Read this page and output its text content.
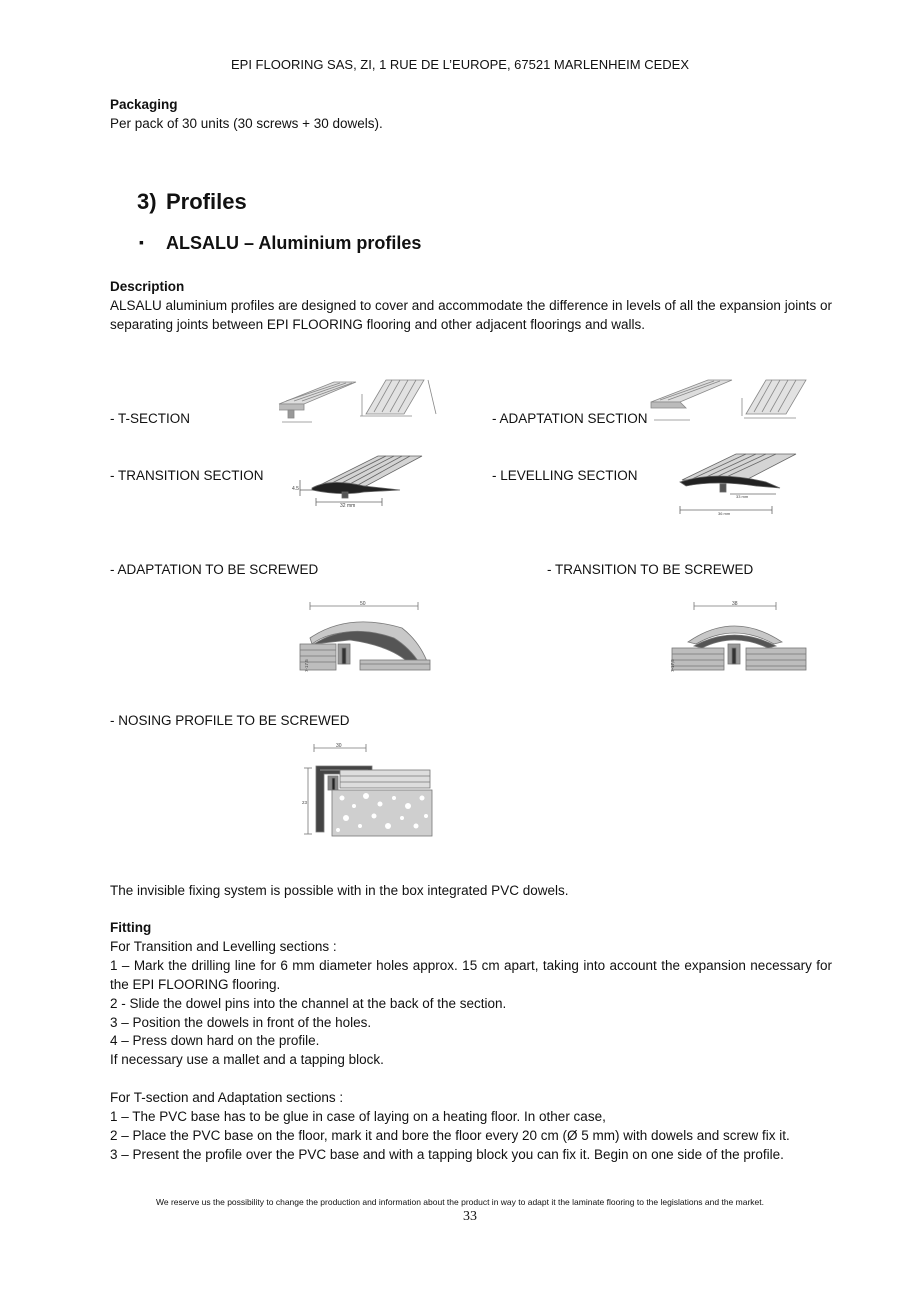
EPI FLOORING SAS, ZI, 1 RUE DE L’EUROPE, 67521 MARLENHEIM CEDEX
Packaging
Per pack of 30 units (30 screws + 30 dowels).
3) Profiles
▪ ALSALU – Aluminium profiles
Description
ALSALU aluminium profiles are designed to cover and accommodate the difference in levels of all the expansion joints or separating joints between EPI FLOORING flooring and other adjacent floorings and walls.
- T-SECTION	- ADAPTATION SECTION
- TRANSITION SECTION	- LEVELLING SECTION
- ADAPTATION TO BE SCREWED	- TRANSITION TO BE SCREWED
- NOSING PROFILE TO BE SCREWED
4.5
32 mm
33 mm
36 mm
50
7-17,5
38
7-17,5
30
23
The invisible fixing system is possible with in the box integrated PVC dowels.
Fitting
For Transition and Levelling sections :
1 – Mark the drilling line for 6 mm diameter holes approx. 15 cm apart, taking into account the expansion necessary for the EPI FLOORING flooring.
2 - Slide the dowel pins into the channel at the back of the section.
3 – Position the dowels in front of the holes.
4 – Press down hard on the profile.
If necessary use a mallet and a tapping block.
For T-section and Adaptation sections :
1 – The PVC base has to be glue in case of laying on a heating floor. In other case,
2 – Place the PVC base on the floor, mark it and bore the floor every 20 cm (Ø 5 mm) with dowels and screw fix it.
3 – Present the profile over the PVC base and with a tapping block you can fix it. Begin on one side of the profile.
We reserve us the possibility to change the production and information about the product in way to adapt it the laminate flooring to the legislations and the market.
33
